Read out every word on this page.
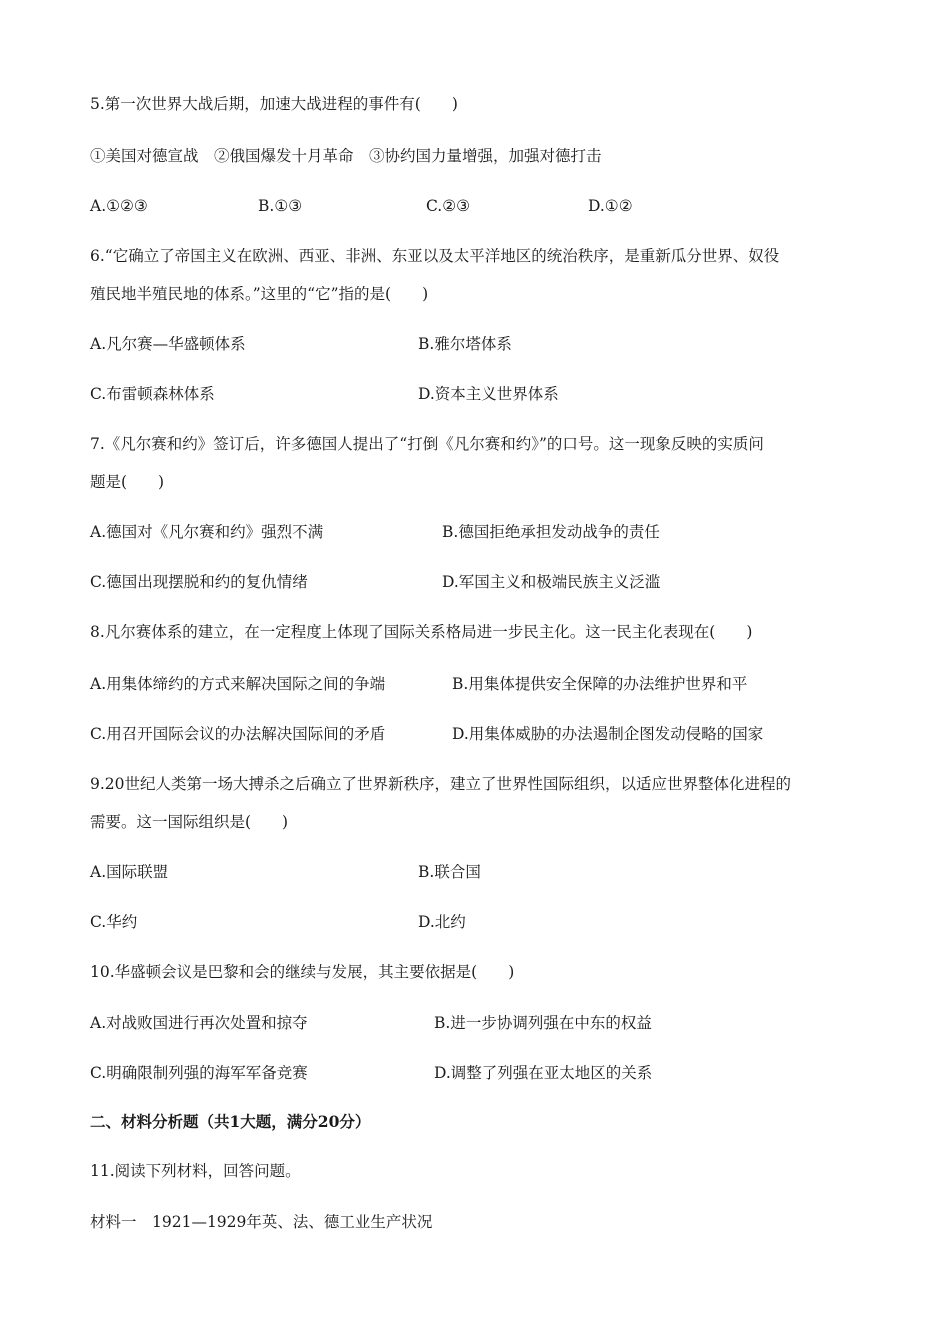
5.第一次世界大战后期，加速大战进程的事件有(　　)
①美国对德宣战　②俄国爆发十月革命　③协约国力量增强，加强对德打击
A.①②③	B.①③	C.②③	D.①②
6.“它确立了帝国主义在欧洲、西亚、非洲、东亚以及太平洋地区的统治秩序，是重新瓜分世界、奴役
殖民地半殖民地的体系。”这里的“它”指的是(　　)
A.凡尔赛—华盛顿体系	B.雅尔塔体系
C.布雷顿森林体系	D.资本主义世界体系
7.《凡尔赛和约》签订后，许多德国人提出了“打倒《凡尔赛和约》”的口号。这一现象反映的实质问
题是(　　)
A.德国对《凡尔赛和约》强烈不满	B.德国拒绝承担发动战争的责任
C.德国出现摆脱和约的复仇情绪	D.军国主义和极端民族主义泛滥
8.凡尔赛体系的建立，在一定程度上体现了国际关系格局进一步民主化。这一民主化表现在(　　)
A.用集体缔约的方式来解决国际之间的争端	B.用集体提供安全保障的办法维护世界和平
C.用召开国际会议的办法解决国际间的矛盾	D.用集体威胁的办法遏制企图发动侵略的国家
9.20世纪人类第一场大搏杀之后确立了世界新秩序，建立了世界性国际组织，以适应世界整体化进程的
需要。这一国际组织是(　　)
A.国际联盟	B.联合国
C.华约	D.北约
10.华盛顿会议是巴黎和会的继续与发展，其主要依据是(　　)
A.对战败国进行再次处置和掠夺	B.进一步协调列强在中东的权益
C.明确限制列强的海军军备竞赛	D.调整了列强在亚太地区的关系
二、材料分析题（共1大题，满分20分）
11.阅读下列材料，回答问题。
材料一　1921—1929年英、法、德工业生产状况
